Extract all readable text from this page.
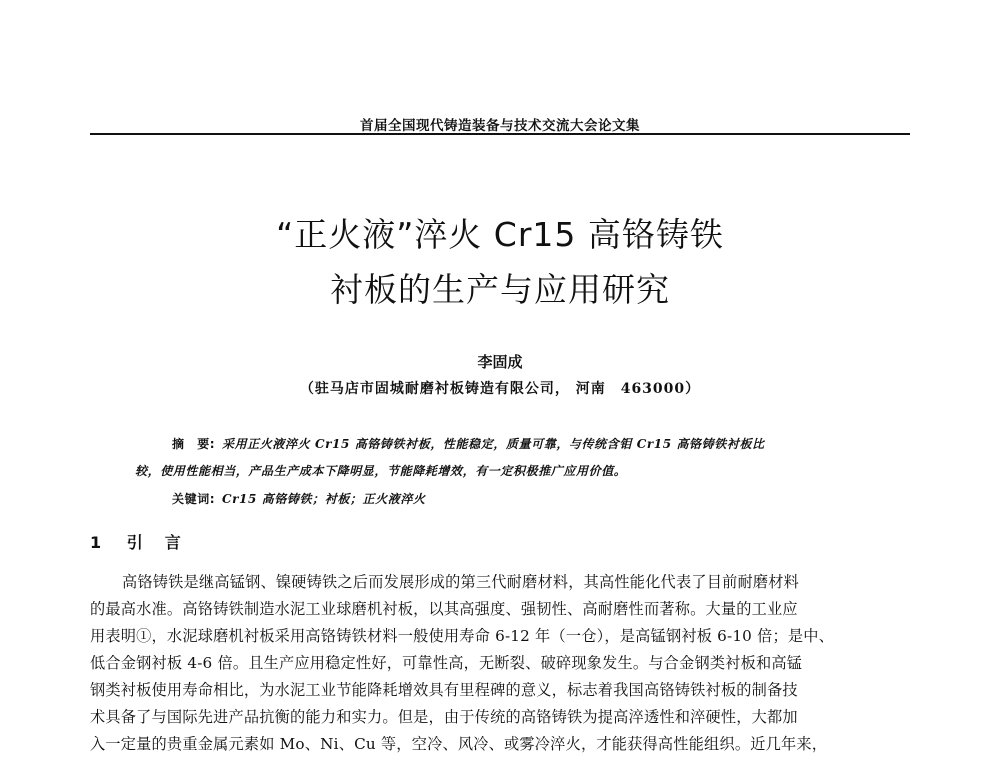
首届全国现代铸造装备与技术交流大会论文集
“正火液”淬火 Cr15 高铬铸铁
衬板的生产与应用研究
李固成
（驻马店市固城耐磨衬板铸造有限公司， 河南　463000）
摘　要: 采用正火液淬火 Cr15 高铬铸铁衬板，性能稳定，质量可靠，与传统含钼 Cr15 高铬铸铁衬板比
较，使用性能相当，产品生产成本下降明显，节能降耗增效，有一定积极推广应用价值。
关键词: Cr15 高铬铸铁；衬板；正火液淬火
1 引　言
高铬铸铁是继高锰钢、镍硬铸铁之后而发展形成的第三代耐磨材料，其高性能化代表了目前耐磨材料
的最高水准。高铬铸铁制造水泥工业球磨机衬板，以其高强度、强韧性、高耐磨性而著称。大量的工业应
用表明①，水泥球磨机衬板采用高铬铸铁材料一般使用寿命 6-12 年（一仓），是高锰钢衬板 6-10 倍；是中、
低合金钢衬板 4-6 倍。且生产应用稳定性好，可靠性高，无断裂、破碎现象发生。与合金钢类衬板和高锰
钢类衬板使用寿命相比，为水泥工业节能降耗增效具有里程碑的意义，标志着我国高铬铸铁衬板的制备技
术具备了与国际先进产品抗衡的能力和实力。但是，由于传统的高铬铸铁为提高淬透性和淬硬性，大都加
入一定量的贵重金属元素如 Mo、Ni、Cu 等，空冷、风冷、或雾冷淬火，才能获得高性能组织。近几年来，
